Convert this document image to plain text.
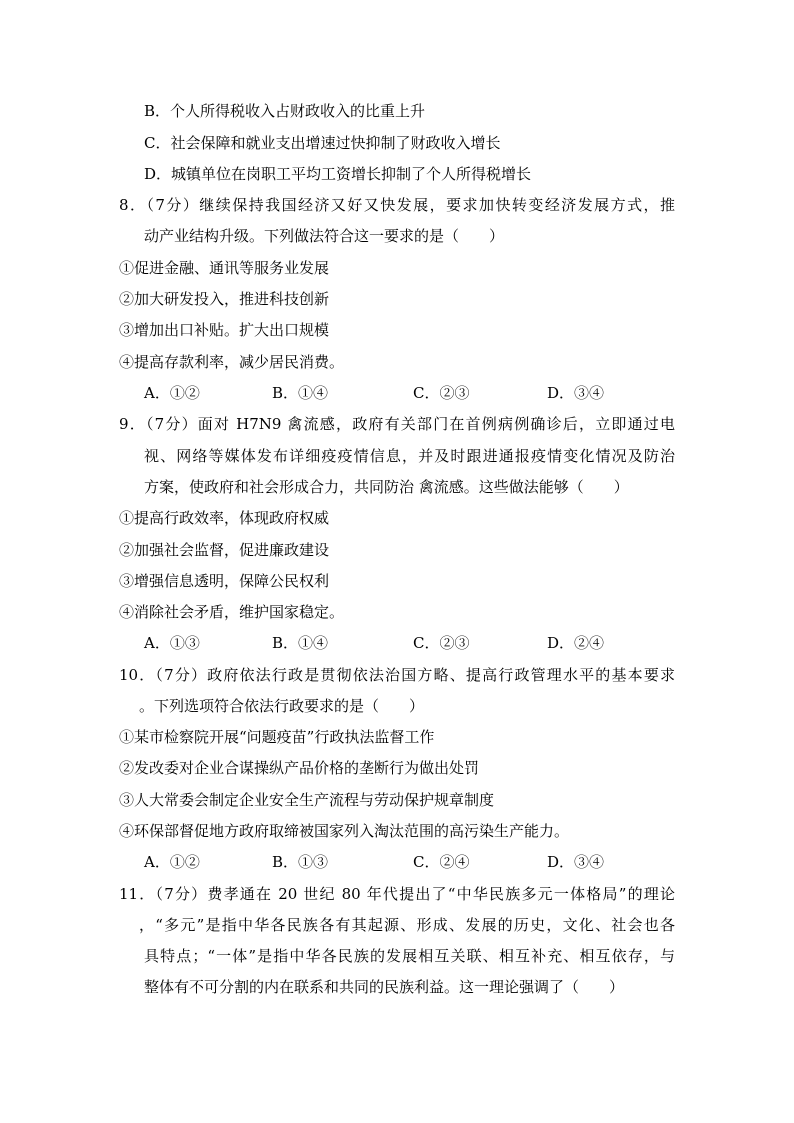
B．个人所得税收入占财政收入的比重上升
C．社会保障和就业支出增速过快抑制了财政收入增长
D．城镇单位在岗职工平均工资增长抑制了个人所得税增长
8．（7分）继续保持我国经济又好又快发展，要求加快转变经济发展方式，推
动产业结构升级。下列做法符合这一要求的是（　　）
①促进金融、通讯等服务业发展
②加大研发投入，推进科技创新
③增加出口补贴。扩大出口规模
④提高存款利率，减少居民消费。
A．①②	B．①④	C．②③	D．③④
9．（7分）面对 H7N9 禽流感，政府有关部门在首例病例确诊后，立即通过电
视、网络等媒体发布详细疫疫情信息，并及时跟进通报疫情变化情况及防治
方案，使政府和社会形成合力，共同防治 禽流感。这些做法能够（　　）
①提高行政效率，体现政府权威
②加强社会监督，促进廉政建设
③增强信息透明，保障公民权利
④消除社会矛盾，维护国家稳定。
A．①③	B．①④	C．②③	D．②④
10．（7分）政府依法行政是贯彻依法治国方略、提高行政管理水平的基本要求
。下列选项符合依法行政要求的是（　　）
①某市检察院开展“问题疫苗”行政执法监督工作
②发改委对企业合谋操纵产品价格的垄断行为做出处罚
③人大常委会制定企业安全生产流程与劳动保护规章制度
④环保部督促地方政府取缔被国家列入淘汰范围的高污染生产能力。
A．①②	B．①③	C．②④	D．③④
11．（7分）费孝通在 20 世纪 80 年代提出了“中华民族多元一体格局”的理论
，“多元”是指中华各民族各有其起源、形成、发展的历史，文化、社会也各
具特点；“一体”是指中华各民族的发展相互关联、相互补充、相互依存，与
整体有不可分割的内在联系和共同的民族利益。这一理论强调了（　　）
